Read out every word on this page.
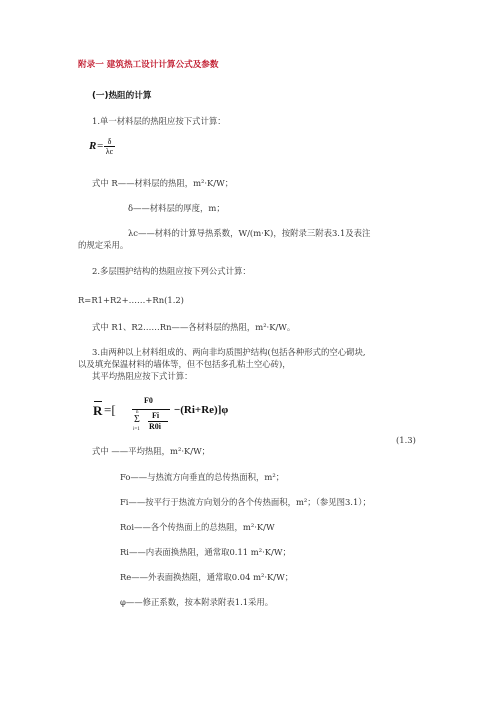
附录一 建筑热工设计计算公式及参数
(一)热阻的计算
1.单一材料层的热阻应按下式计算：
$R= \frac{\delta}{\lambda c}$
式中 R——材料层的热阻，m²·K/W；
δ——材料层的厚度，m；
λc——材料的计算导热系数，W/(m·K)，按附录三附表3.1及表注
的规定采用。
2.多层围护结构的热阻应按下列公式计算：
R=R1+R2+……+Rn(1.2)
式中 R1、R2……Rn——各材料层的热阻，m²·K/W。
3.由两种以上材料组成的、两向非均质围护结构(包括各种形式的空心砌块,
以及填充保温材料的墙体等，但不包括多孔粘土空心砖)，
其平均热阻应按下式计算：
R =[
F0
n
Σ
i=1
Fi
R0i
−(Ri+Re)]φ
(1.3)
式中 ——平均热阻，m²·K/W；
Fo——与热流方向垂直的总传热面积，m²；
Fi——按平行于热流方向划分的各个传热面积，m²；（参见图3.1）；
Roi——各个传热面上的总热阻，m²·K/W
Ri——内表面换热阻，通常取0.11 m²·K/W；
Re——外表面换热阻，通常取0.04 m²·K/W；
φ——修正系数，按本附录附表1.1采用。
